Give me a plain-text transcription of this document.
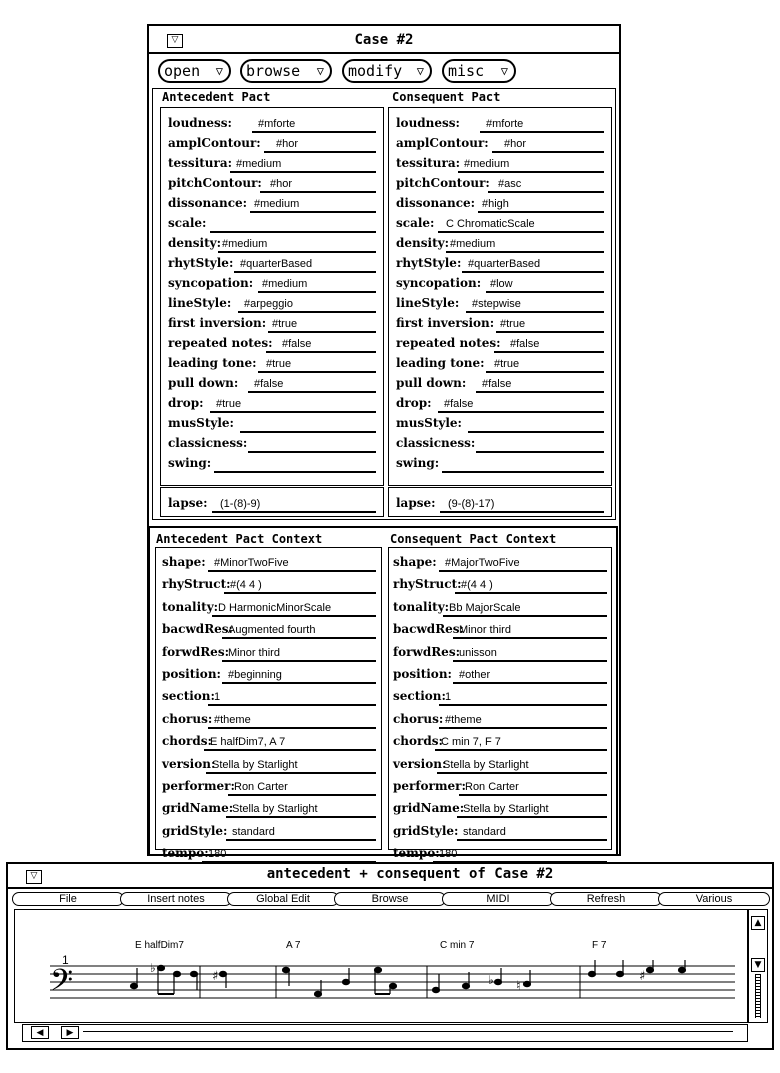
▽	Case #2
open ▽	browse ▽	modify ▽	misc ▽
Antecedent Pact	Consequent Pact
loudness: #mforte
amplContour: #hor
tessitura: #medium
pitchContour: #hor
dissonance: #medium
scale:
density: #medium
rhytStyle: #quarterBased
syncopation: #medium
lineStyle: #arpeggio
first inversion: #true
repeated notes: #false
leading tone: #true
pull down: #false
drop: #true
musStyle:
classicness:
swing:
lapse: (1-(8)-9)
loudness: #mforte
amplContour: #hor
tessitura: #medium
pitchContour: #asc
dissonance: #high
scale: C ChromaticScale
density: #medium
rhytStyle: #quarterBased
syncopation: #low
lineStyle: #stepwise
first inversion: #true
repeated notes: #false
leading tone: #true
pull down: #false
drop: #false
musStyle:
classicness:
swing:
lapse: (9-(8)-17)
Antecedent Pact Context	Consequent Pact Context
shape: #MinorTwoFive
rhyStruct: #(4 4 )
tonality: D HarmonicMinorScale
bacwdRes:
Augmented fourth
forwdRes:
Minor third
position: #beginning
section: 1
chorus: #theme
chords:
E halfDim7, A 7
version:
Stella by Starlight
performer: Ron Carter
gridName:
Stella by Starlight
gridStyle: standard
tempo: 180
shape: #MajorTwoFive
rhyStruct: #(4 4 )
tonality: Bb MajorScale
bacwdRes:
Minor third
forwdRes:
unisson
position: #other
section: 1
chorus: #theme
chords:
C min 7, F 7
version:
Stella by Starlight
performer: Ron Carter
gridName:
Stella by Starlight
gridStyle: standard
tempo: 180
▽	antecedent + consequent of Case #2
File	Insert notes	Global Edit	Browse	MIDI	Refresh	Various
▲
▼
◀	▶
1
E halfDim7	A 7	C min 7	F 7
𝄢	♭
♯	♭ ♮
♯
